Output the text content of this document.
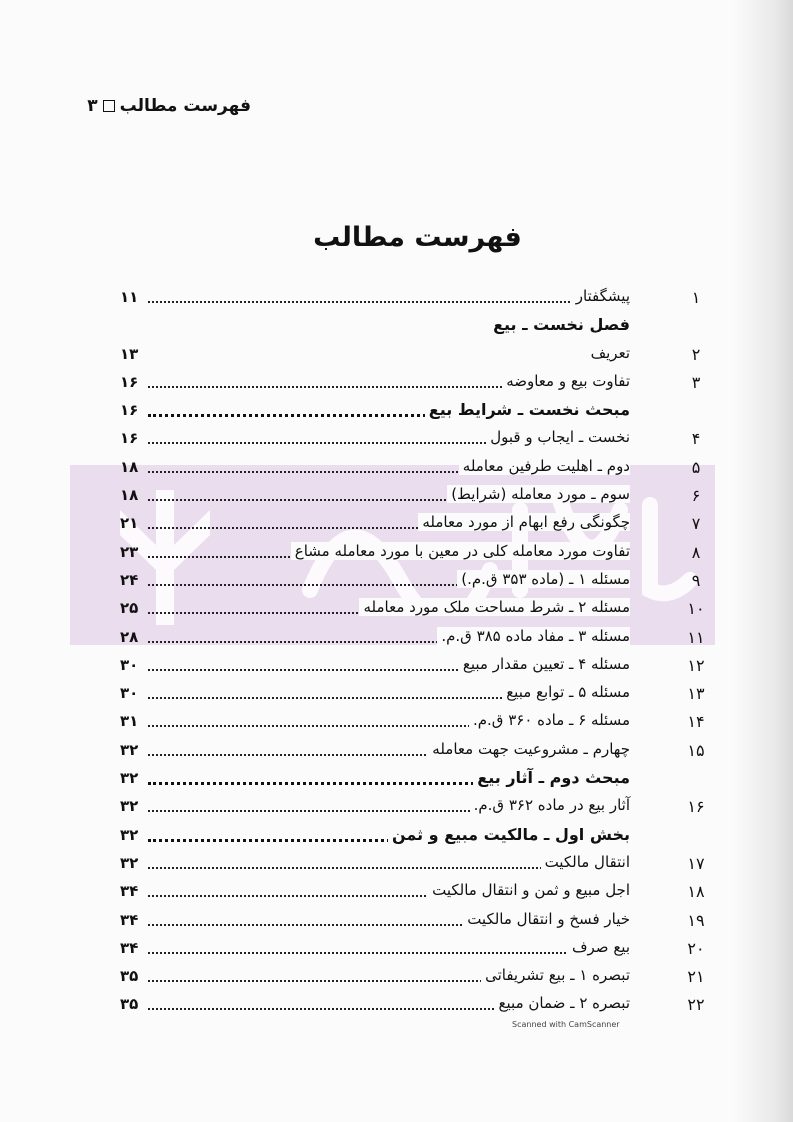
فهرست مطالب۳
فهرست مطالب
۱
پیشگفتار
۱۱
فصل نخست ـ بیع
۲
تعریف
۱۳
۳
تفاوت بیع و معاوضه
۱۶
مبحث نخست ـ شرایط بیع
۱۶
۴
نخست ـ ایجاب و قبول
۱۶
۵
دوم ـ اهلیت طرفین معامله
۱۸
۶
سوم ـ مورد معامله (شرایط)
۱۸
۷
چگونگی رفع ابهام از مورد معامله
۲۱
۸
تفاوت مورد معامله کلی در معین با مورد معامله مشاع
۲۳
۹
مسئله ۱ ـ (ماده ۳۵۳ ق.م.)
۲۴
۱۰
مسئله ۲ ـ شرط مساحت ملک مورد معامله
۲۵
۱۱
مسئله ۳ ـ مفاد ماده ۳۸۵ ق.م.
۲۸
۱۲
مسئله ۴ ـ تعیین مقدار مبیع
۳۰
۱۳
مسئله ۵ ـ توابع مبیع
۳۰
۱۴
مسئله ۶ ـ ماده ۳۶۰ ق.م.
۳۱
۱۵
چهارم ـ مشروعیت جهت معامله
۳۲
مبحث دوم ـ آثار بیع
۳۲
۱۶
آثار بیع در ماده ۳۶۲ ق.م.
۳۲
بخش اول ـ مالکیت مبیع و ثمن
۳۲
۱۷
انتقال مالکیت
۳۲
۱۸
اجل مبیع و ثمن و انتقال مالکیت
۳۴
۱۹
خیار فسخ و انتقال مالکیت
۳۴
۲۰
بیع صرف
۳۴
۲۱
تبصره ۱ ـ بیع تشریفاتی
۳۵
۲۲
تبصره ۲ ـ ضمان مبیع
۳۵
Scanned with CamScanner
